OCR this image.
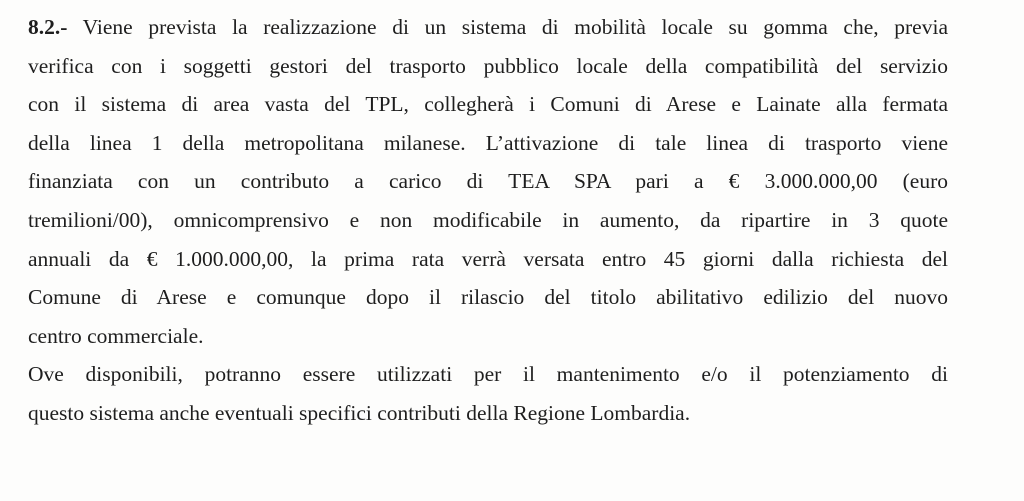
8.2.- Viene prevista la realizzazione di un sistema di mobilità locale su gomma che, previa
verifica con i soggetti gestori del trasporto pubblico locale della compatibilità del servizio
con il sistema di area vasta del TPL, collegherà i Comuni di Arese e Lainate alla fermata
della linea 1 della metropolitana milanese. L’attivazione di tale linea di trasporto viene
finanziata con un contributo a carico di TEA SPA pari a € 3.000.000,00 (euro
tremilioni/00), omnicomprensivo e non modificabile in aumento, da ripartire in 3 quote
annuali da € 1.000.000,00, la prima rata verrà versata entro 45 giorni dalla richiesta del
Comune di Arese e comunque dopo il rilascio del titolo abilitativo edilizio del nuovo
centro commerciale.
Ove disponibili, potranno essere utilizzati per il mantenimento e/o il potenziamento di
questo sistema anche eventuali specifici contributi della Regione Lombardia.
